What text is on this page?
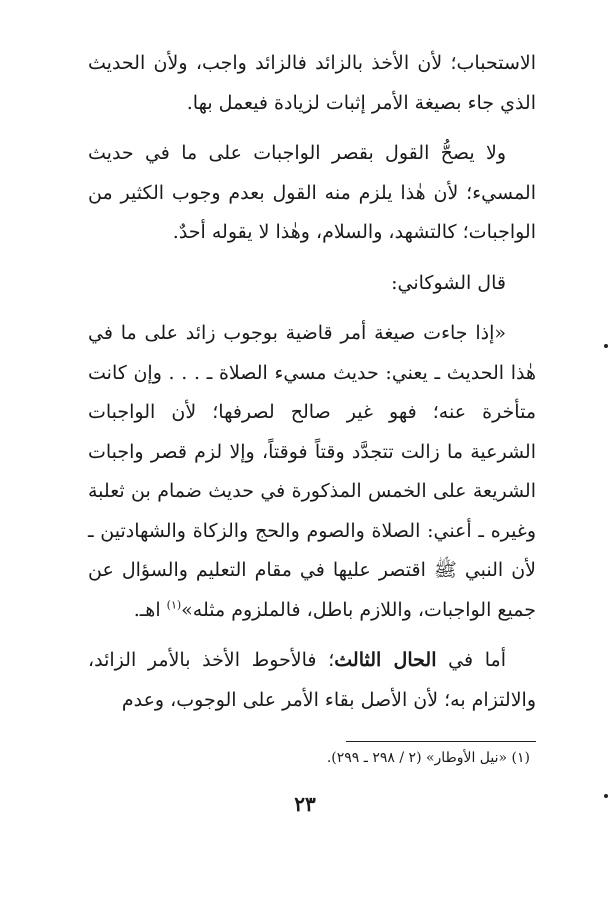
الاستحباب؛ لأن الأخذ بالزائد فالزائد واجب، ولأن الحديث الذي جاء بصيغة الأمر إثبات لزيادة فيعمل بها.

ولا يصحُّ القول بقصر الواجبات على ما في حديث المسيء؛ لأن هٰذا يلزم منه القول بعدم وجوب الكثير من الواجبات؛ كالتشهد، والسلام، وهٰذا لا يقوله أحدٌ.

قال الشوكاني:

«إذا جاءت صيغة أمر قاضية بوجوب زائد على ما في هٰذا الحديث ـ يعني: حديث مسيء الصلاة ـ . . . وإن كانت متأخرة عنه؛ فهو غير صالح لصرفها؛ لأن الواجبات الشرعية ما زالت تتجدَّد وقتاً فوقتاً، وإلا لزم قصر واجبات الشريعة على الخمس المذكورة في حديث ضمام بن ثعلبة وغيره ـ أعني: الصلاة والصوم والحج والزكاة والشهادتين ـ لأن النبي ﷺ اقتصر عليها في مقام التعليم والسؤال عن جميع الواجبات، واللازم باطل، فالملزوم مثله»$^{(١)}$ اهـ.

أما في الحال الثالث؛ فالأحوط الأخذ بالأمر الزائد، والالتزام به؛ لأن الأصل بقاء الأمر على الوجوب، وعدم

(١) «نيل الأوطار» (٢ / ٢٩٨ ـ ٢٩٩).
٢٣
